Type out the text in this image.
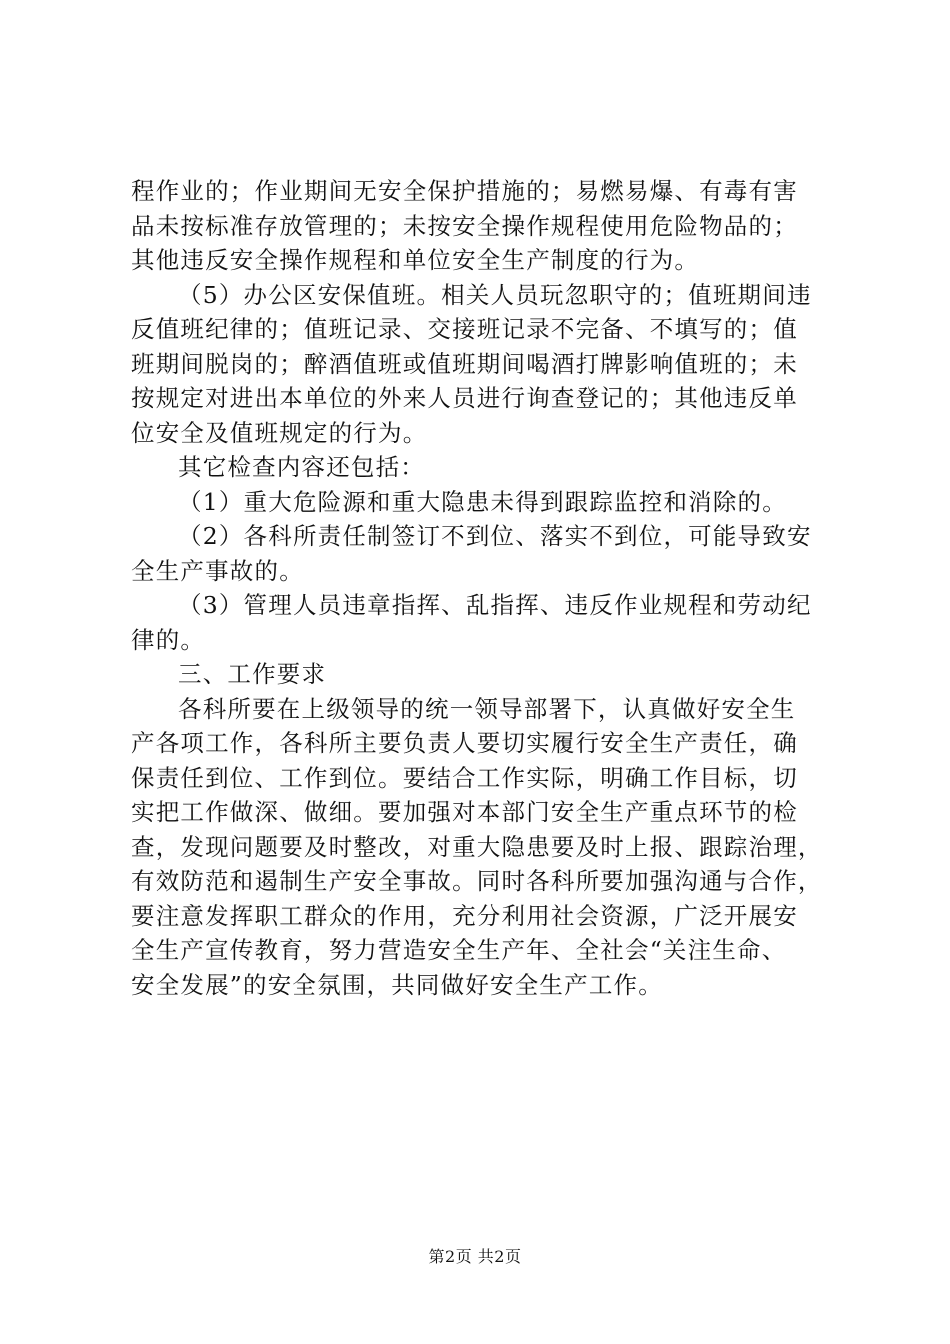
程作业的；作业期间无安全保护措施的；易燃易爆、有毒有害
品未按标准存放管理的；未按安全操作规程使用危险物品的；
其他违反安全操作规程和单位安全生产制度的行为。
（5）办公区安保值班。相关人员玩忽职守的；值班期间违
反值班纪律的；值班记录、交接班记录不完备、不填写的；值
班期间脱岗的；醉酒值班或值班期间喝酒打牌影响值班的；未
按规定对进出本单位的外来人员进行询查登记的；其他违反单
位安全及值班规定的行为。
其它检查内容还包括：
（1）重大危险源和重大隐患未得到跟踪监控和消除的。
（2）各科所责任制签订不到位、落实不到位，可能导致安
全生产事故的。
（3）管理人员违章指挥、乱指挥、违反作业规程和劳动纪
律的。
三、工作要求
各科所要在上级领导的统一领导部署下，认真做好安全生
产各项工作，各科所主要负责人要切实履行安全生产责任，确
保责任到位、工作到位。要结合工作实际，明确工作目标，切
实把工作做深、做细。要加强对本部门安全生产重点环节的检
查，发现问题要及时整改，对重大隐患要及时上报、跟踪治理，
有效防范和遏制生产安全事故。同时各科所要加强沟通与合作，
要注意发挥职工群众的作用，充分利用社会资源，广泛开展安
全生产宣传教育，努力营造安全生产年、全社会“关注生命、
安全发展”的安全氛围，共同做好安全生产工作。
第2页 共2页
